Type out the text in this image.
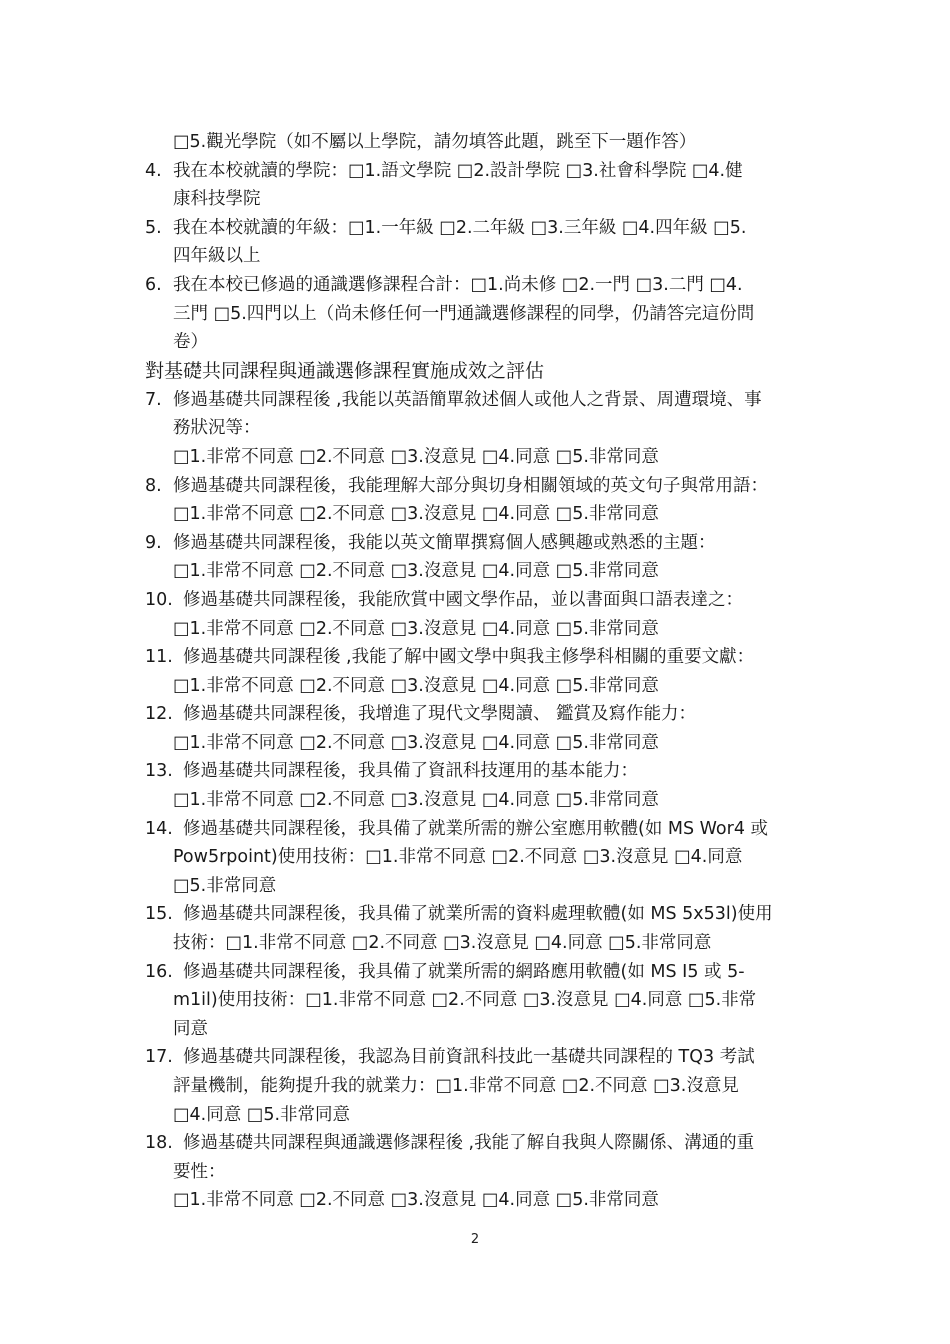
□5.觀光學院（如不屬以上學院，請勿填答此題，跳至下一題作答）
4. 我在本校就讀的學院：□1.語文學院 □2.設計學院 □3.社會科學院 □4.健
康科技學院
5. 我在本校就讀的年級：□1.一年級 □2.二年級 □3.三年級 □4.四年級 □5.
四年級以上
6. 我在本校已修過的通識選修課程合計：□1.尚未修 □2.一門 □3.二門 □4.
三門 □5.四門以上（尚未修任何一門通識選修課程的同學，仍請答完這份問
卷）
對基礎共同課程與通識選修課程實施成效之評估
7. 修過基礎共同課程後 ,我能以英語簡單敘述個人或他人之背景、周遭環境、事
務狀況等：
□1.非常不同意 □2.不同意 □3.沒意見 □4.同意 □5.非常同意
8. 修過基礎共同課程後，我能理解大部分與切身相關領域的英文句子與常用語：
□1.非常不同意 □2.不同意 □3.沒意見 □4.同意 □5.非常同意
9. 修過基礎共同課程後，我能以英文簡單撰寫個人感興趣或熟悉的主題：
□1.非常不同意 □2.不同意 □3.沒意見 □4.同意 □5.非常同意
10. 修過基礎共同課程後，我能欣賞中國文學作品，並以書面與口語表達之：
□1.非常不同意 □2.不同意 □3.沒意見 □4.同意 □5.非常同意
11. 修過基礎共同課程後 ,我能了解中國文學中與我主修學科相關的重要文獻：
□1.非常不同意 □2.不同意 □3.沒意見 □4.同意 □5.非常同意
12. 修過基礎共同課程後，我增進了現代文學閱讀、 鑑賞及寫作能力：
□1.非常不同意 □2.不同意 □3.沒意見 □4.同意 □5.非常同意
13. 修過基礎共同課程後，我具備了資訊科技運用的基本能力：
□1.非常不同意 □2.不同意 □3.沒意見 □4.同意 □5.非常同意
14. 修過基礎共同課程後，我具備了就業所需的辦公室應用軟體(如 MS Wor4 或
Pow5rpoint)使用技術：□1.非常不同意 □2.不同意 □3.沒意見 □4.同意
□5.非常同意
15. 修過基礎共同課程後，我具備了就業所需的資料處理軟體(如 MS 5x53l)使用
技術：□1.非常不同意 □2.不同意 □3.沒意見 □4.同意 □5.非常同意
16. 修過基礎共同課程後，我具備了就業所需的網路應用軟體(如 MS I5 或 5-
m1il)使用技術：□1.非常不同意 □2.不同意 □3.沒意見 □4.同意 □5.非常
同意
17. 修過基礎共同課程後，我認為目前資訊科技此一基礎共同課程的 TQ3 考試
評量機制，能夠提升我的就業力：□1.非常不同意 □2.不同意 □3.沒意見
□4.同意 □5.非常同意
18. 修過基礎共同課程與通識選修課程後 ,我能了解自我與人際關係、溝通的重
要性：
□1.非常不同意 □2.不同意 □3.沒意見 □4.同意 □5.非常同意
2
